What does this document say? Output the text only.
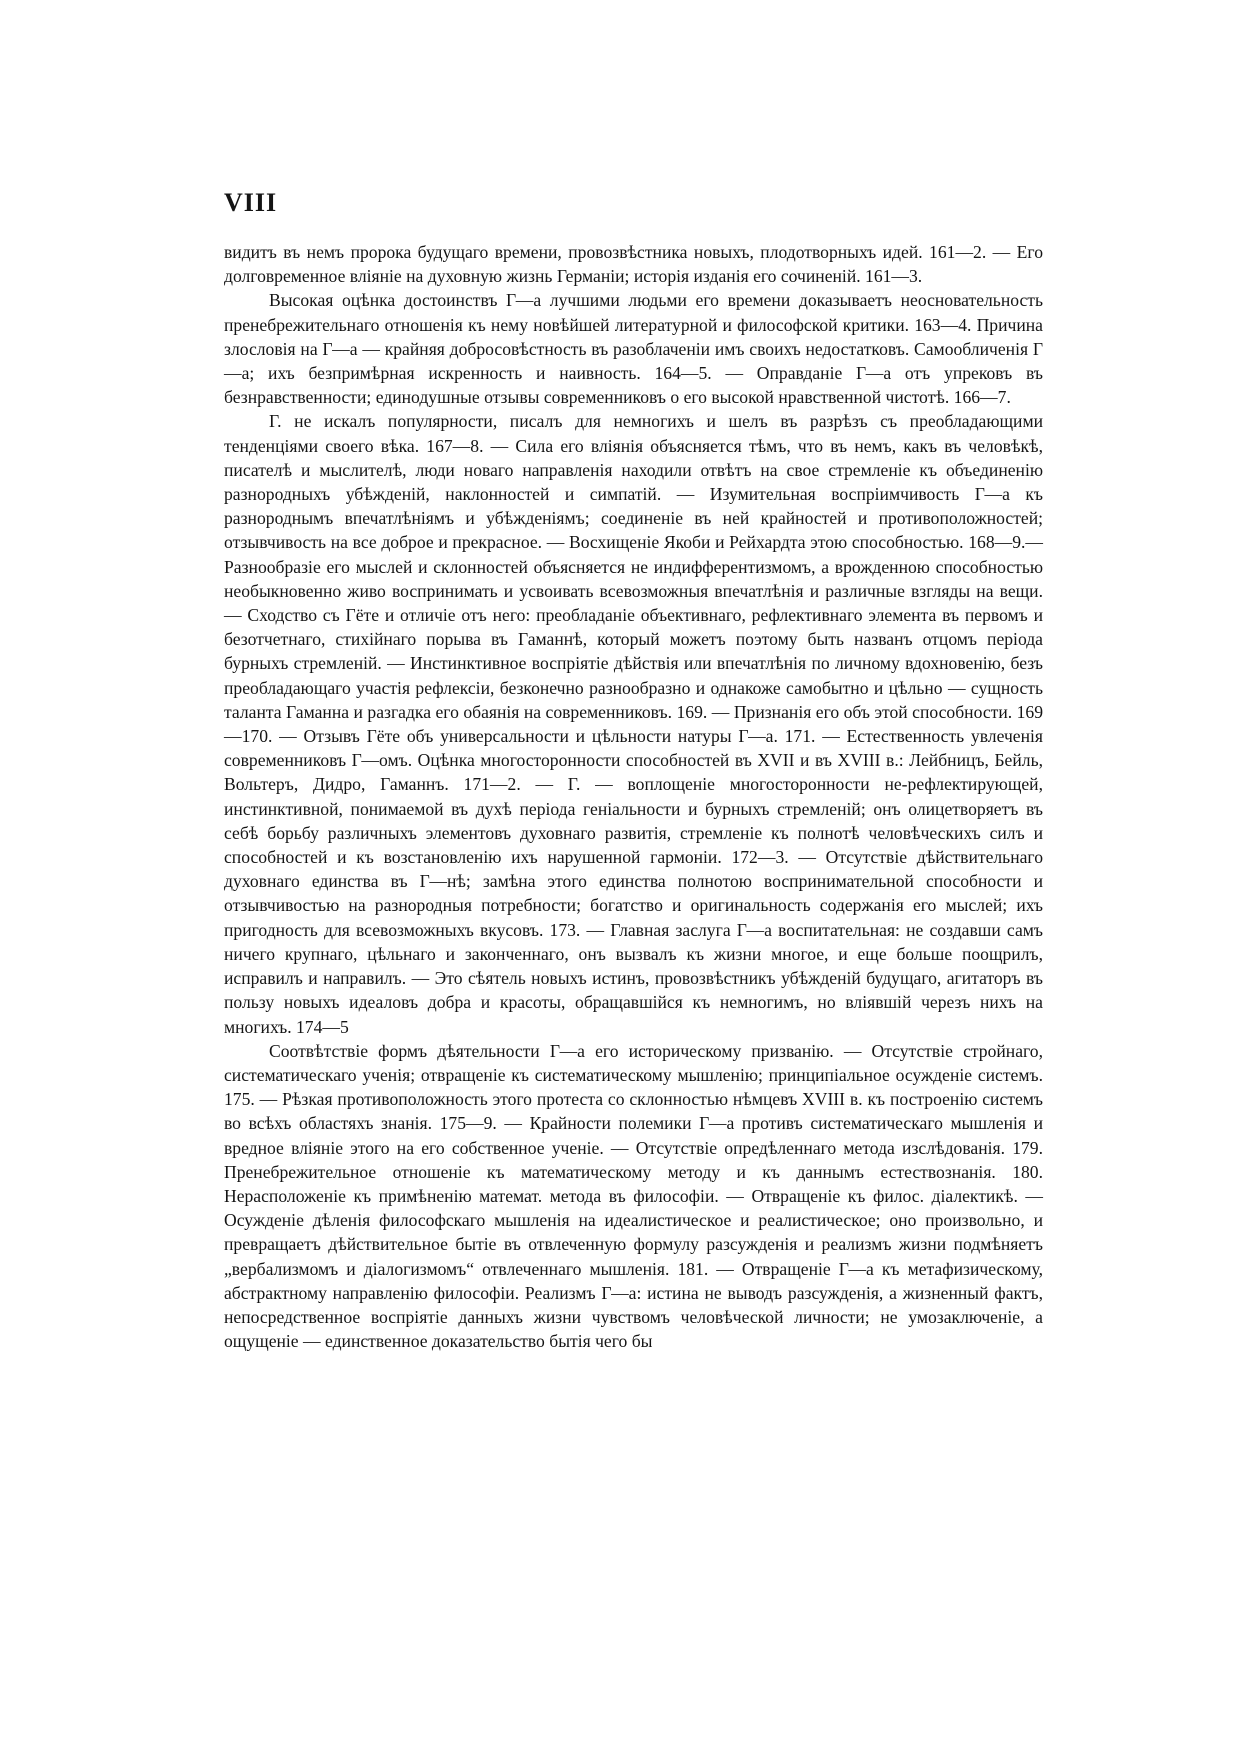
VIII

видитъ въ немъ пророка будущаго времени, провозвѣстника новыхъ, плодотворныхъ идей. 161—2. — Его долговременное вліяніе на духовную жизнь Германіи; исторія изданія его сочиненій. 161—3.

Высокая оцѣнка достоинствъ Г—а лучшими людьми его времени доказываетъ неосновательность пренебрежительнаго отношенія къ нему новѣйшей литературной и философской критики. 163—4. Причина злословія на Г—а — крайняя добросовѣстность въ разоблаченіи имъ своихъ недостатковъ. Самообличенія Г—а; ихъ безпримѣрная искренность и наивность. 164—5. — Оправданіе Г—а отъ упрековъ въ безнравственности; единодушные отзывы современниковъ о его высокой нравственной чистотѣ. 166—7.

Г. не искалъ популярности, писалъ для немногихъ и шелъ въ разрѣзъ съ преобладающими тенденціями своего вѣка. 167—8. — Сила его вліянія объясняется тѣмъ, что въ немъ, какъ въ человѣкѣ, писателѣ и мыслителѣ, люди новаго направленія находили отвѣтъ на свое стремленіе къ объединенію разнородныхъ убѣжденій, наклонностей и симпатій. — Изумительная воспріимчивость Г—а къ разнороднымъ впечатлѣніямъ и убѣжденіямъ; соединеніе въ ней крайностей и противоположностей; отзывчивость на все доброе и прекрасное. — Восхищеніе Якоби и Рейхардта этою способностью. 168—9.— Разнообразіе его мыслей и склонностей объясняется не индифферентизмомъ, а врожденною способностью необыкновенно живо воспринимать и усвоивать всевозможныя впечатлѣнія и различные взгляды на вещи. — Сходство съ Гёте и отличіе отъ него: преобладаніе объективнаго, рефлективнаго элемента въ первомъ и безотчетнаго, стихійнаго порыва въ Гаманнѣ, который можетъ поэтому быть названъ отцомъ періода бурныхъ стремленій. — Инстинктивное воспріятіе дѣйствія или впечатлѣнія по личному вдохновенію, безъ преобладающаго участія рефлексіи, безконечно разнообразно и однакоже самобытно и цѣльно — сущность таланта Гаманна и разгадка его обаянія на современниковъ. 169. — Признанія его объ этой способности. 169—170. — Отзывъ Гёте объ универсальности и цѣльности натуры Г—а. 171. — Естественность увлеченія современниковъ Г—омъ. Оцѣнка многосторонности способностей въ XVII и въ XVIII в.: Лейбницъ, Бейль, Вольтеръ, Дидро, Гаманнъ. 171—2. — Г. — воплощеніе многосторонности не-рефлектирующей, инстинктивной, понимаемой въ духѣ періода геніальности и бурныхъ стремленій; онъ олицетворяетъ въ себѣ борьбу различныхъ элементовъ духовнаго развитія, стремленіе къ полнотѣ человѣческихъ силъ и способностей и къ возстановленію ихъ нарушенной гармоніи. 172—3. — Отсутствіе дѣйствительнаго духовнаго единства въ Г—нѣ; замѣна этого единства полнотою воспринимательной способности и отзывчивостью на разнородныя потребности; богатство и оригинальность содержанія его мыслей; ихъ пригодность для всевозможныхъ вкусовъ. 173. — Главная заслуга Г—а воспитательная: не создавши самъ ничего крупнаго, цѣльнаго и законченнаго, онъ вызвалъ къ жизни многое, и еще больше поощрилъ, исправилъ и направилъ. — Это сѣятель новыхъ истинъ, провозвѣстникъ убѣжденій будущаго, агитаторъ въ пользу новыхъ идеаловъ добра и красоты, обращавшійся къ немногимъ, но вліявшій черезъ нихъ на многихъ. 174—5

Соотвѣтствіе формъ дѣятельности Г—а его историческому призванію. — Отсутствіе стройнаго, систематическаго ученія; отвращеніе къ систематическому мышленію; принципіальное осужденіе системъ. 175. — Рѣзкая противоположность этого протеста со склонностью нѣмцевъ XVIII в. къ построенію системъ во всѣхъ областяхъ знанія. 175—9. — Крайности полемики Г—а противъ систематическаго мышленія и вредное вліяніе этого на его собственное ученіе. — Отсутствіе опредѣленнаго метода изслѣдованія. 179. Пренебрежительное отношеніе къ математическому методу и къ даннымъ естествознанія. 180. Нерасположеніе къ примѣненію математ. метода въ философіи. — Отвращеніе къ филос. діалектикѣ. — Осужденіе дѣленія философскаго мышленія на идеалистическое и реалистическое; оно произвольно, и превращаетъ дѣйствительное бытіе въ отвлеченную формулу разсужденія и реализмъ жизни подмѣняетъ „вербализмомъ и діалогизмомъ“ отвлеченнаго мышленія. 181. — Отвращеніе Г—а къ метафизическому, абстрактному направленію философіи. Реализмъ Г—а: истина не выводъ разсужденія, а жизненный фактъ, непосредственное воспріятіе данныхъ жизни чувствомъ человѣческой личности; не умозаключеніе, а ощущеніе — единственное доказательство бытія чего бы
